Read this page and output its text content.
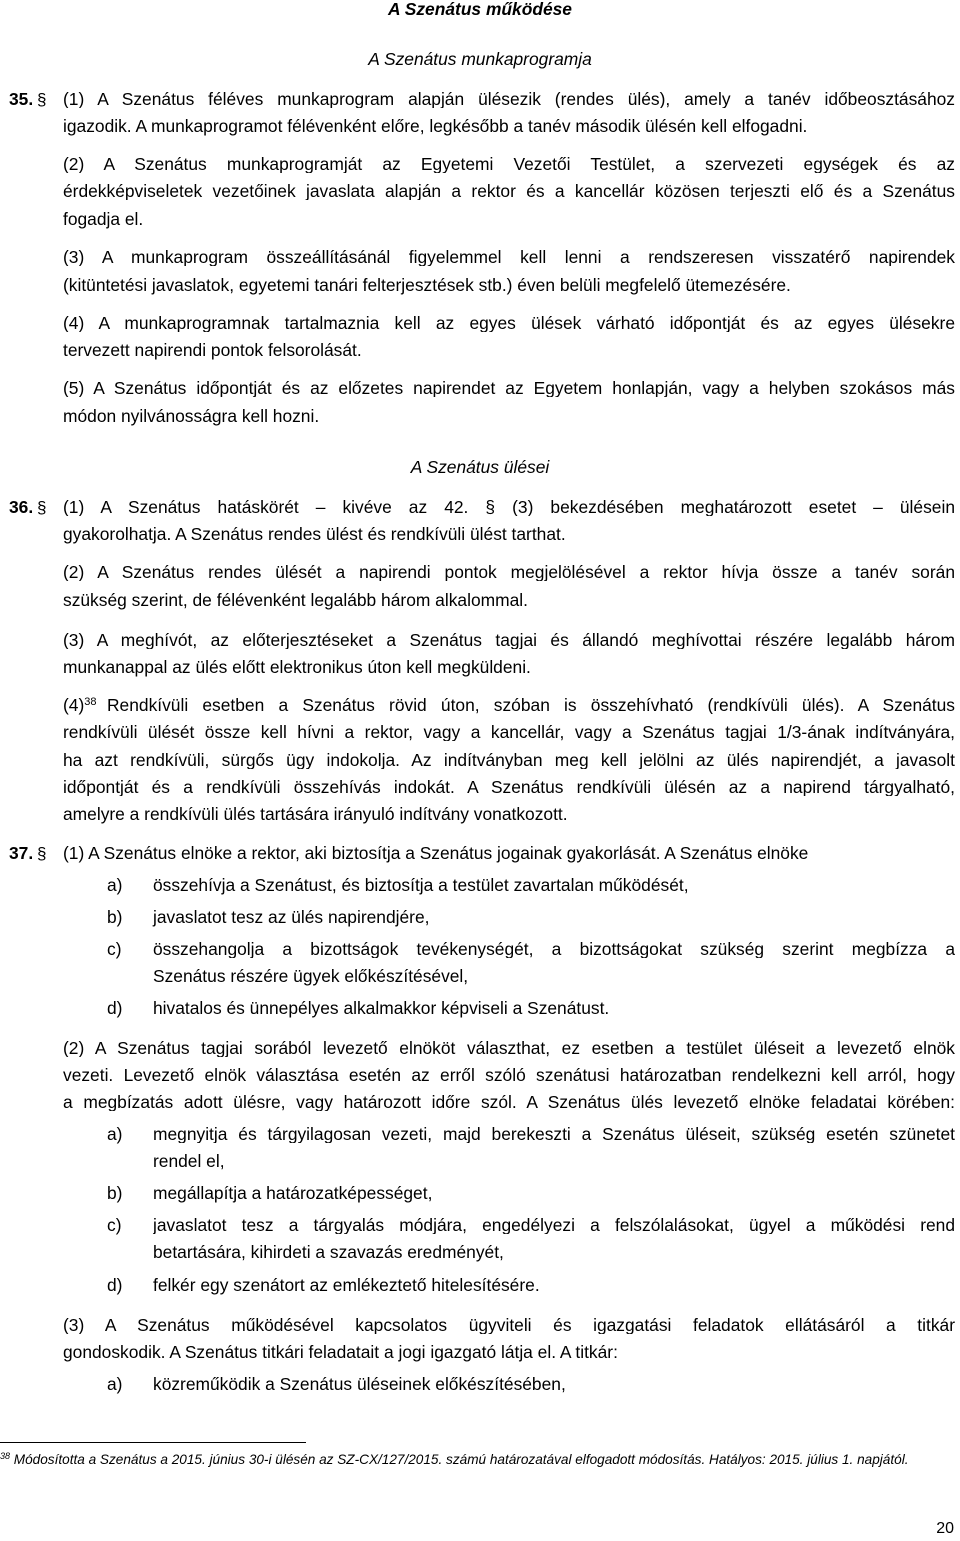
A Szenátus működése
A Szenátus munkaprogramja
35. § (1) A Szenátus féléves munkaprogram alapján ülésezik (rendes ülés), amely a tanév időbeosztásához
igazodik. A munkaprogramot félévenként előre, legkésőbb a tanév második ülésén kell elfogadni.
(2) A Szenátus munkaprogramját az Egyetemi Vezetői Testület, a szervezeti egységek és az
érdekképviseletek vezetőinek javaslata alapján a rektor és a kancellár közösen terjeszti elő és a Szenátus
fogadja el.
(3) A munkaprogram összeállításánál figyelemmel kell lenni a rendszeresen visszatérő napirendek
(kitüntetési javaslatok, egyetemi tanári felterjesztések stb.) éven belüli megfelelő ütemezésére.
(4) A munkaprogramnak tartalmaznia kell az egyes ülések várható időpontját és az egyes ülésekre
tervezett napirendi pontok felsorolását.
(5) A Szenátus időpontját és az előzetes napirendet az Egyetem honlapján, vagy a helyben szokásos más
módon nyilvánosságra kell hozni.
A Szenátus ülései
36. § (1) A Szenátus hatáskörét – kivéve az 42. § (3) bekezdésében meghatározott esetet – ülésein
gyakorolhatja. A Szenátus rendes ülést és rendkívüli ülést tarthat.
(2) A Szenátus rendes ülését a napirendi pontok megjelölésével a rektor hívja össze a tanév során
szükség szerint, de félévenként legalább három alkalommal.
(3) A meghívót, az előterjesztéseket a Szenátus tagjai és állandó meghívottai részére legalább három
munkanappal az ülés előtt elektronikus úton kell megküldeni.
$(4)^{38}$ Rendkívüli esetben a Szenátus rövid úton, szóban is összehívható (rendkívüli ülés). A Szenátus
rendkívüli ülését össze kell hívni a rektor, vagy a kancellár, vagy a Szenátus tagjai 1/3-ának indítványára,
ha azt rendkívüli, sürgős ügy indokolja. Az indítványban meg kell jelölni az ülés napirendjét, a javasolt
időpontját és a rendkívüli összehívás indokát. A Szenátus rendkívüli ülésén az a napirend tárgyalható,
amelyre a rendkívüli ülés tartására irányuló indítvány vonatkozott.
37. § (1) A Szenátus elnöke a rektor, aki biztosítja a Szenátus jogainak gyakorlását. A Szenátus elnöke
a) összehívja a Szenátust, és biztosítja a testület zavartalan működését,
b) javaslatot tesz az ülés napirendjére,
c) összehangolja a bizottságok tevékenységét, a bizottságokat szükség szerint megbízza a
Szenátus részére ügyek előkészítésével,
d) hivatalos és ünnepélyes alkalmakkor képviseli a Szenátust.
(2) A Szenátus tagjai sorából levezető elnököt választhat, ez esetben a testület üléseit a levezető elnök
vezeti. Levezető elnök választása esetén az erről szóló szenátusi határozatban rendelkezni kell arról, hogy
a megbízatás adott ülésre, vagy határozott időre szól. A Szenátus ülés levezető elnöke feladatai körében:
a) megnyitja és tárgyilagosan vezeti, majd berekeszti a Szenátus üléseit, szükség esetén szünetet
rendel el,
b) megállapítja a határozatképességet,
c) javaslatot tesz a tárgyalás módjára, engedélyezi a felszólalásokat, ügyel a működési rend
betartására, kihirdeti a szavazás eredményét,
d) felkér egy szenátort az emlékeztető hitelesítésére.
(3) A Szenátus működésével kapcsolatos ügyviteli és igazgatási feladatok ellátásáról a titkár
gondoskodik. A Szenátus titkári feladatait a jogi igazgató látja el. A titkár:
a) közreműködik a Szenátus üléseinek előkészítésében,
$^{38}$ Módosította a Szenátus a 2015. június 30-i ülésén az SZ-CX/127/2015. számú határozatával elfogadott módosítás. Hatályos: 2015. július 1. napjától.
20
